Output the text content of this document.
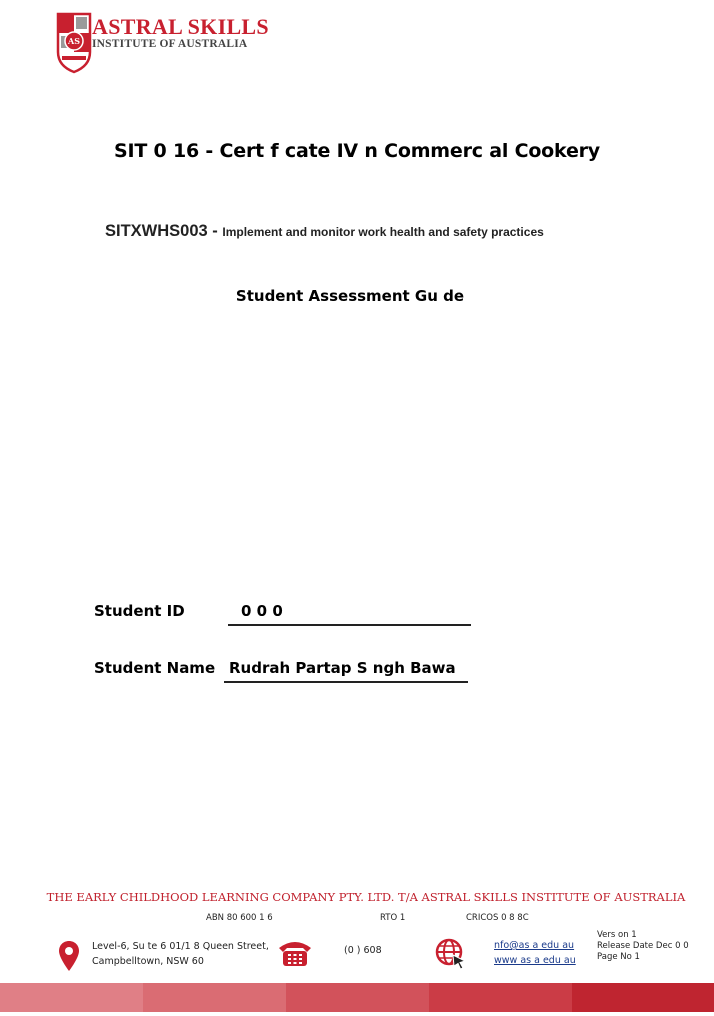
AS
ASTRAL SKILLS
INSTITUTE OF AUSTRALIA
SIT 0 16 - Cert f cate IV n Commerc al Cookery
SITXWHS003 - Implement and monitor work health and safety practices
Student Assessment Gu de
Student ID	0 0 0
Student Name Rudrah Partap S ngh Bawa
THE EARLY CHILDHOOD LEARNING COMPANY PTY. LTD. T/A ASTRAL SKILLS INSTITUTE OF AUSTRALIA
ABN 80 600 1 6	RTO 1	CRICOS 0 8 8C
Level-6, Su te 6 01/1 8 Queen Street,
Campbelltown, NSW 60
(0 ) 608	nfo@as a edu au
www as a edu au
Vers on 1
Release Date Dec 0 0
Page No 1
